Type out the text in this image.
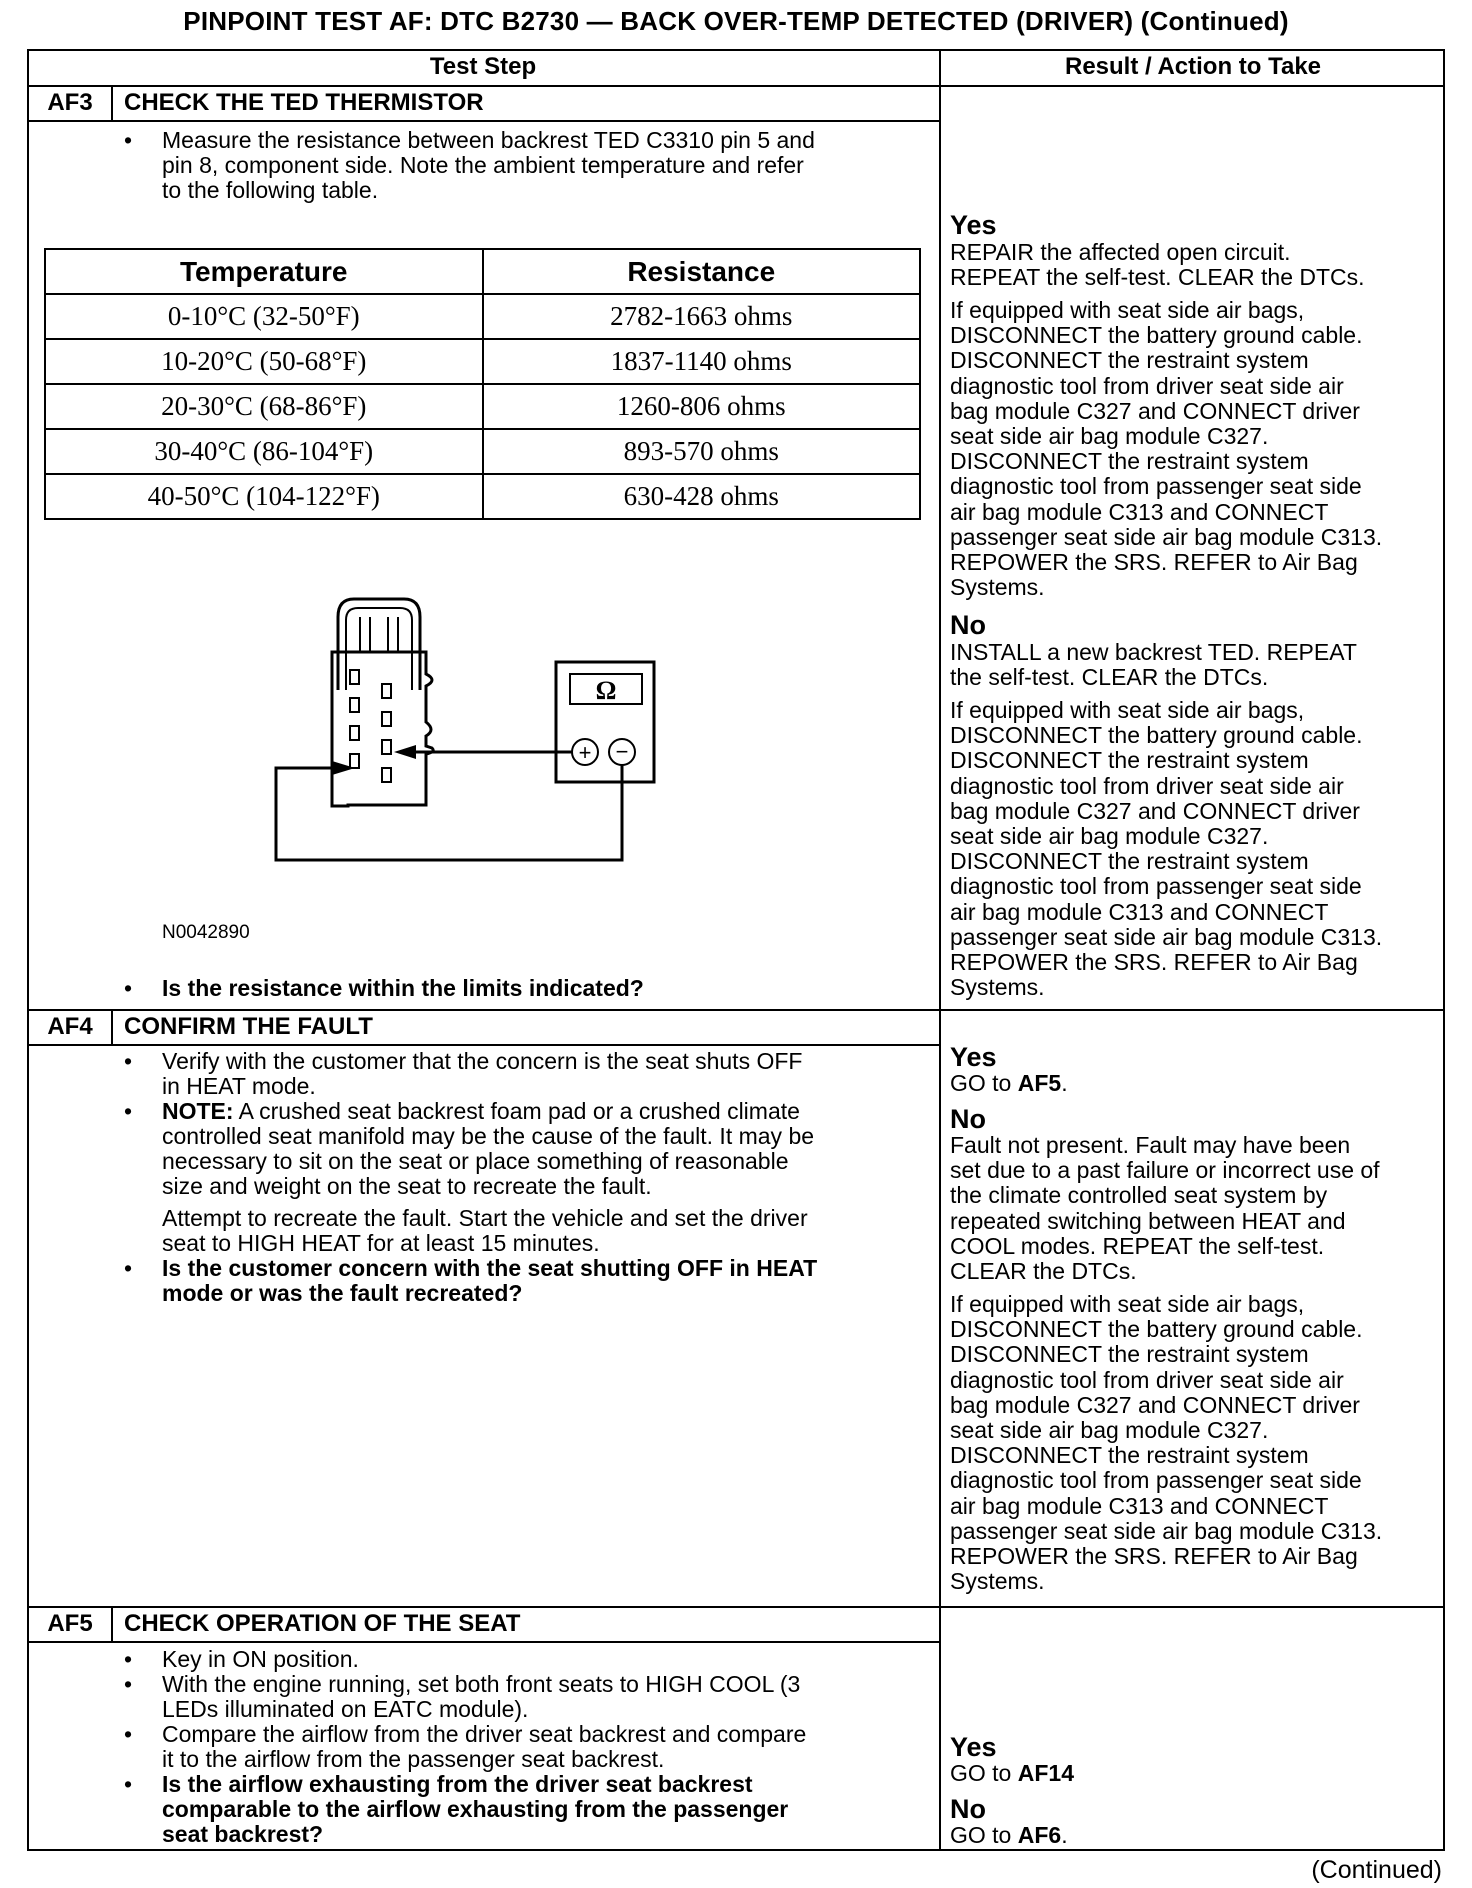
PINPOINT TEST AF: DTC B2730 — BACK OVER-TEMP DETECTED (DRIVER) (Continued)
Test Step	Result / Action to Take
AF3	CHECK THE TED THERMISTOR
• Measure the resistance between backrest TED C3310 pin 5 and
pin 8, component side. Note the ambient temperature and refer
to the following table.
Temperature	Resistance
0-10°C (32-50°F)	2782-1663 ohms
10-20°C (50-68°F)	1837-1140 ohms
20-30°C (68-86°F)	1260-806 ohms
30-40°C (86-104°F)	893-570 ohms
40-50°C (104-122°F)	630-428 ohms
Ω
+ −
N0042890
• Is the resistance within the limits indicated?
Yes
REPAIR the affected open circuit.
REPEAT the self-test. CLEAR the DTCs.
If equipped with seat side air bags,
DISCONNECT the battery ground cable.
DISCONNECT the restraint system
diagnostic tool from driver seat side air
bag module C327 and CONNECT driver
seat side air bag module C327.
DISCONNECT the restraint system
diagnostic tool from passenger seat side
air bag module C313 and CONNECT
passenger seat side air bag module C313.
REPOWER the SRS. REFER to Air Bag
Systems.
No
INSTALL a new backrest TED. REPEAT
the self-test. CLEAR the DTCs.
If equipped with seat side air bags,
DISCONNECT the battery ground cable.
DISCONNECT the restraint system
diagnostic tool from driver seat side air
bag module C327 and CONNECT driver
seat side air bag module C327.
DISCONNECT the restraint system
diagnostic tool from passenger seat side
air bag module C313 and CONNECT
passenger seat side air bag module C313.
REPOWER the SRS. REFER to Air Bag
Systems.
AF4	CONFIRM THE FAULT
• Verify with the customer that the concern is the seat shuts OFF
in HEAT mode.
• NOTE: A crushed seat backrest foam pad or a crushed climate
controlled seat manifold may be the cause of the fault. It may be
necessary to sit on the seat or place something of reasonable
size and weight on the seat to recreate the fault.
Attempt to recreate the fault. Start the vehicle and set the driver
seat to HIGH HEAT for at least 15 minutes.
• Is the customer concern with the seat shutting OFF in HEAT
mode or was the fault recreated?
Yes
GO to AF5.
No
Fault not present. Fault may have been
set due to a past failure or incorrect use of
the climate controlled seat system by
repeated switching between HEAT and
COOL modes. REPEAT the self-test.
CLEAR the DTCs.
If equipped with seat side air bags,
DISCONNECT the battery ground cable.
DISCONNECT the restraint system
diagnostic tool from driver seat side air
bag module C327 and CONNECT driver
seat side air bag module C327.
DISCONNECT the restraint system
diagnostic tool from passenger seat side
air bag module C313 and CONNECT
passenger seat side air bag module C313.
REPOWER the SRS. REFER to Air Bag
Systems.
AF5	CHECK OPERATION OF THE SEAT
• Key in ON position.
• With the engine running, set both front seats to HIGH COOL (3
LEDs illuminated on EATC module).
• Compare the airflow from the driver seat backrest and compare
it to the airflow from the passenger seat backrest.
• Is the airflow exhausting from the driver seat backrest
comparable to the airflow exhausting from the passenger
seat backrest?
Yes
GO to AF14
No
GO to AF6.
(Continued)
